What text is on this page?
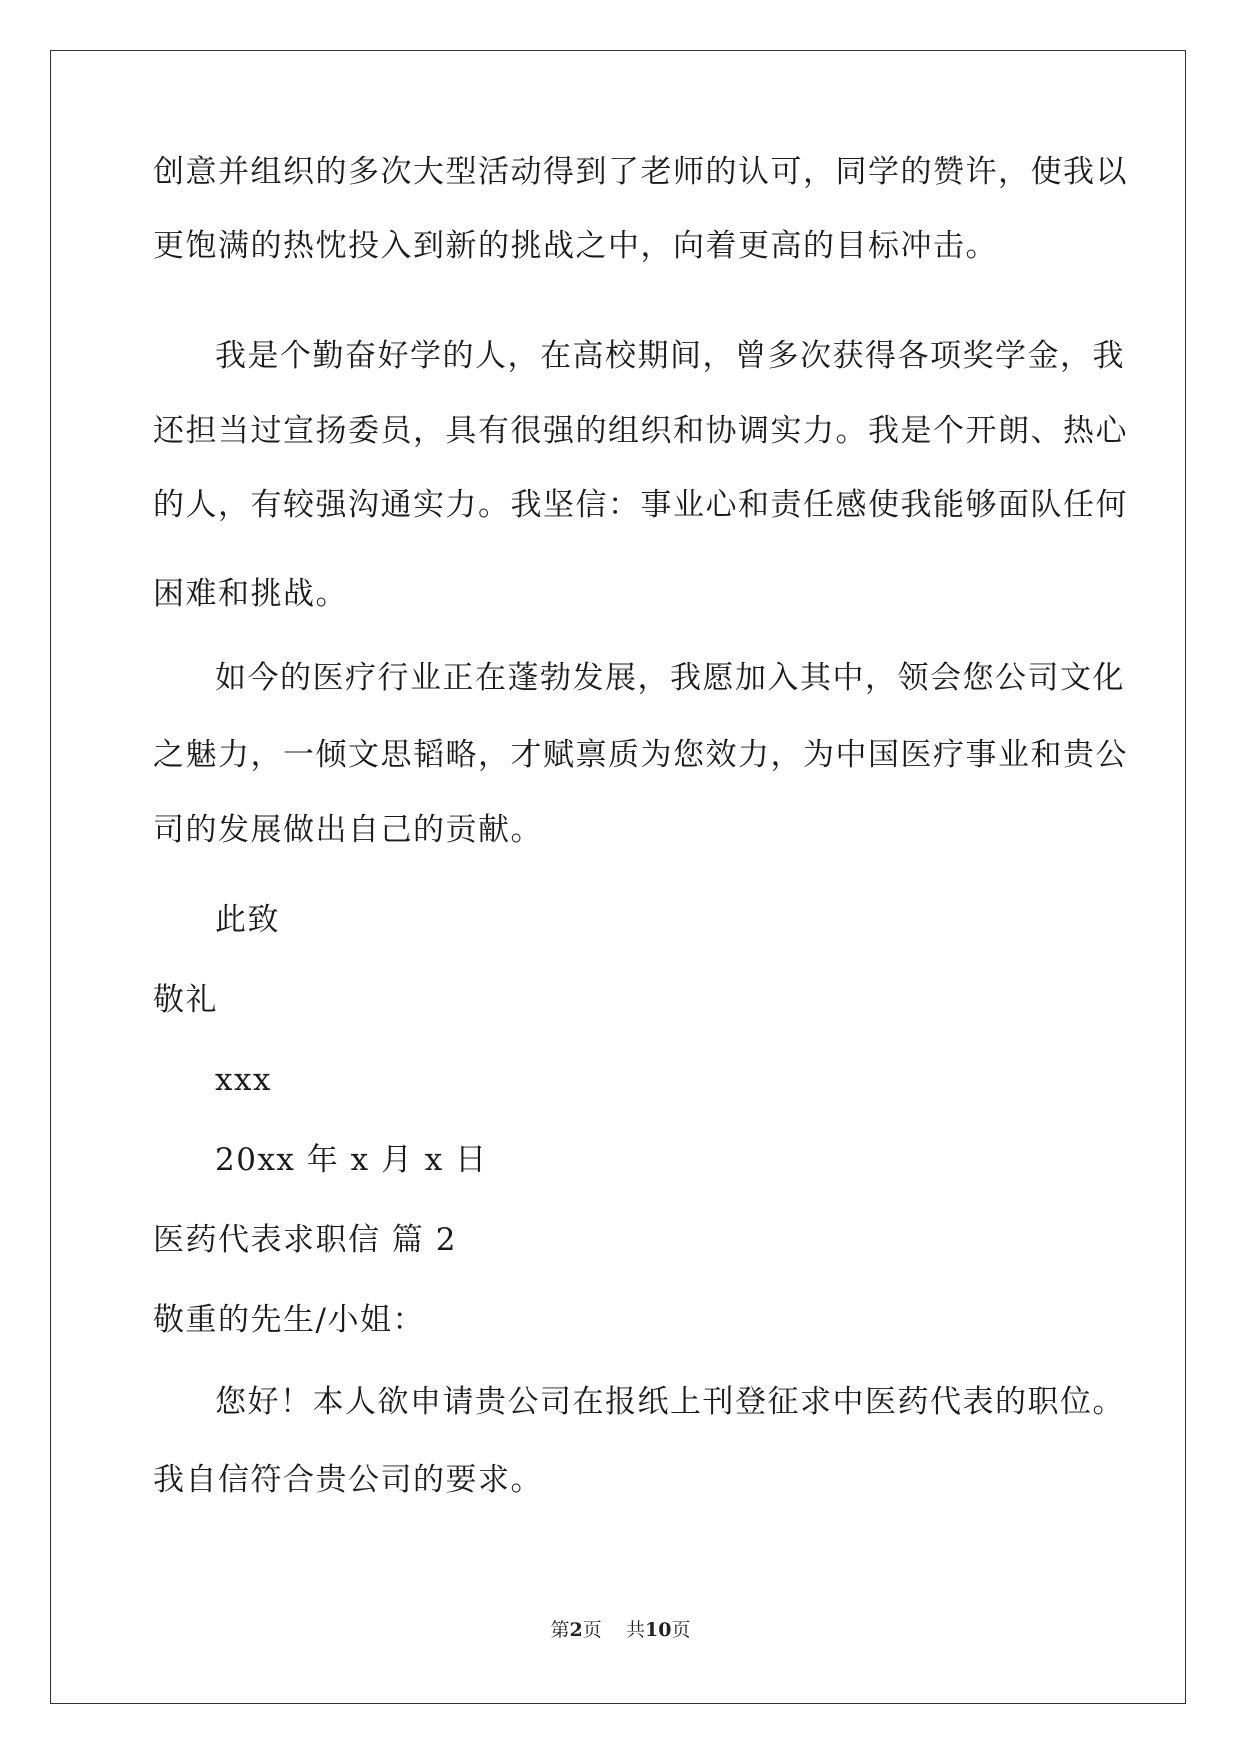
创意并组织的多次大型活动得到了老师的认可，同学的赞许，使我以
更饱满的热忱投入到新的挑战之中，向着更高的目标冲击。
我是个勤奋好学的人，在高校期间，曾多次获得各项奖学金，我
还担当过宣扬委员，具有很强的组织和协调实力。我是个开朗、热心
的人，有较强沟通实力。我坚信：事业心和责任感使我能够面队任何
困难和挑战。
如今的医疗行业正在蓬勃发展，我愿加入其中，领会您公司文化
之魅力，一倾文思韬略，才赋禀质为您效力，为中国医疗事业和贵公
司的发展做出自己的贡献。
此致
敬礼
xxx
20xx 年 x 月 x 日
医药代表求职信 篇 2
敬重的先生/小姐：
您好！本人欲申请贵公司在报纸上刊登征求中医药代表的职位。
我自信符合贵公司的要求。
第2页 共10页
